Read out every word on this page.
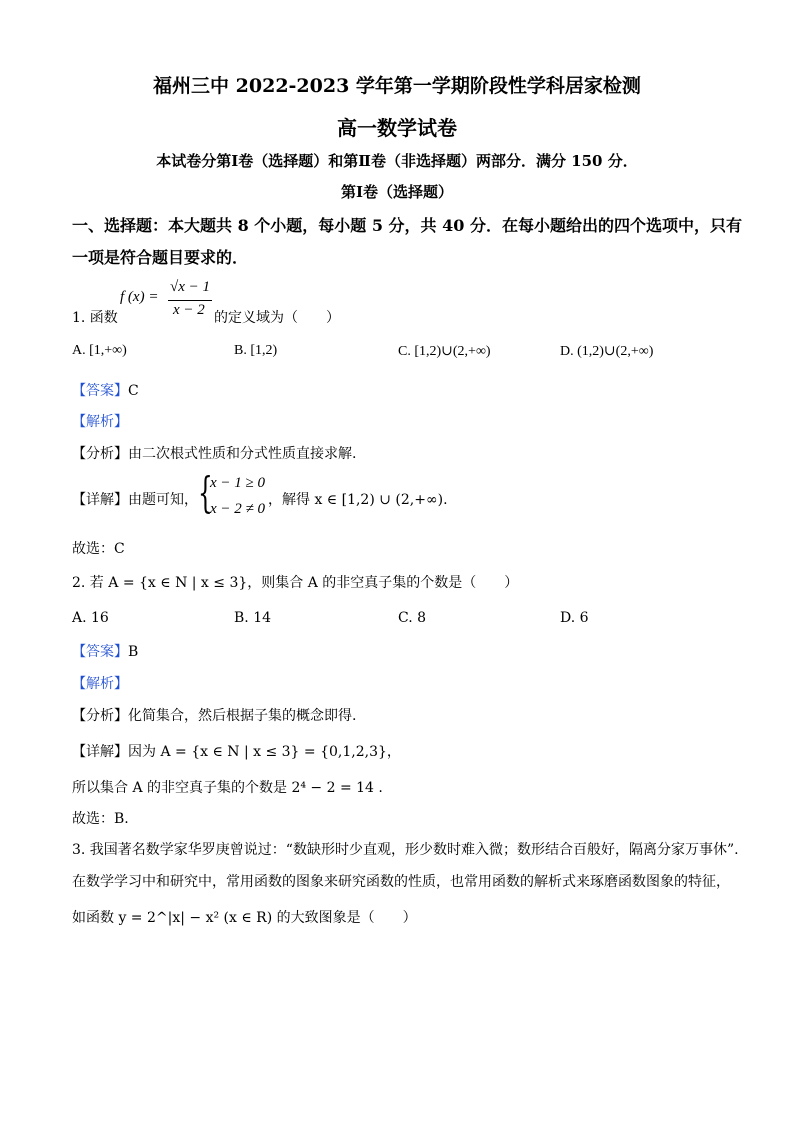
福州三中 2022-2023 学年第一学期阶段性学科居家检测
高一数学试卷
本试卷分第Ⅰ卷（选择题）和第Ⅱ卷（非选择题）两部分．满分 150 分．
第Ⅰ卷（选择题）
一、选择题：本大题共 8 个小题，每小题 5 分，共 40 分．在每小题给出的四个选项中，只有
一项是符合题目要求的．
1. 函数
f (x) =
√x − 1
x − 2 的定义域为（　　）
A. [1,+∞)	B. [1,2)	C. [1,2)∪(2,+∞)	D. (1,2)∪(2,+∞)
【答案】C
【解析】
【分析】由二次根式性质和分式性质直接求解.
【详解】由题可知， {
x − 1 ≥ 0
x − 2 ≠ 0
，解得 x ∈ [1,2) ∪ (2,+∞).
故选：C
2. 若 A = {x ∈ N | x ≤ 3}，则集合 A 的非空真子集的个数是（　　）
A. 16	B. 14	C. 8	D. 6
【答案】B
【解析】
【分析】化简集合，然后根据子集的概念即得.
【详解】因为 A = {x ∈ N | x ≤ 3} = {0,1,2,3}，
所以集合 A 的非空真子集的个数是 2⁴ − 2 = 14 .
故选：B.
3. 我国著名数学家华罗庚曾说过：“数缺形时少直观，形少数时难入微；数形结合百般好，隔离分家万事休”.
在数学学习中和研究中，常用函数的图象来研究函数的性质，也常用函数的解析式来琢磨函数图象的特征，
如函数 y = 2^|x| − x² (x ∈ R) 的大致图象是（　　）
